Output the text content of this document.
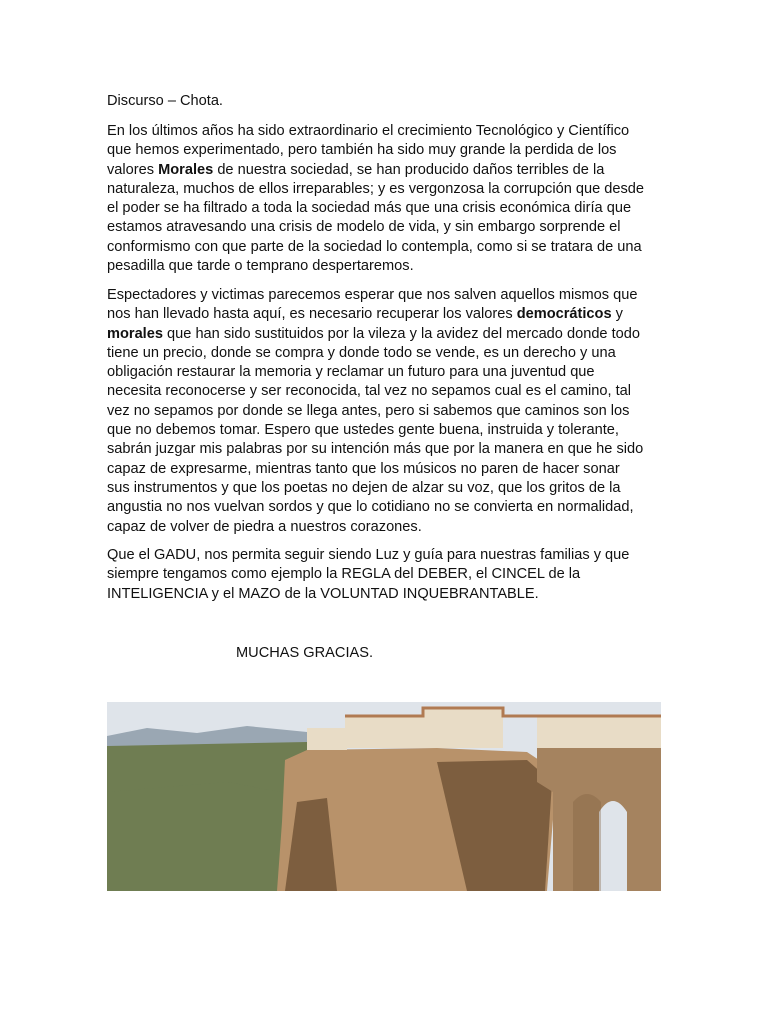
Discurso – Chota.

En los últimos años ha sido extraordinario el crecimiento Tecnológico y Científico
que hemos experimentado, pero también ha sido muy grande la perdida de los
valores Morales de nuestra sociedad, se han producido daños terribles de la
naturaleza, muchos de ellos irreparables; y es vergonzosa la corrupción que desde
el poder se ha filtrado a toda la sociedad más que una crisis económica diría que
estamos atravesando una crisis de modelo de vida, y sin embargo sorprende el
conformismo con que parte de la sociedad lo contempla, como si se tratara de una
pesadilla que tarde o temprano despertaremos.

Espectadores y victimas parecemos esperar que nos salven aquellos mismos que
nos han llevado hasta aquí, es necesario recuperar los valores democráticos y
morales que han sido sustituidos por la vileza y la avidez del mercado donde todo
tiene un precio, donde se compra y donde todo se vende, es un derecho y una
obligación restaurar la memoria y reclamar un futuro para una juventud que
necesita reconocerse y ser reconocida, tal vez no sepamos cual es el camino, tal
vez no sepamos por donde se llega antes, pero si sabemos que caminos son los
que no debemos tomar. Espero que ustedes gente buena, instruida y tolerante,
sabrán juzgar mis palabras por su intención más que por la manera en que he sido
capaz de expresarme, mientras tanto que los músicos no paren de hacer sonar
sus instrumentos y que los poetas no dejen de alzar su voz, que los gritos de la
angustia no nos vuelvan sordos y que lo cotidiano no se convierta en normalidad,
capaz de volver de piedra a nuestros corazones.

Que el GADU, nos permita seguir siendo Luz y guía para nuestras familias y que
siempre tengamos como ejemplo la REGLA del DEBER, el CINCEL de la
INTELIGENCIA y el MAZO de la VOLUNTAD INQUEBRANTABLE.

MUCHAS GRACIAS.
